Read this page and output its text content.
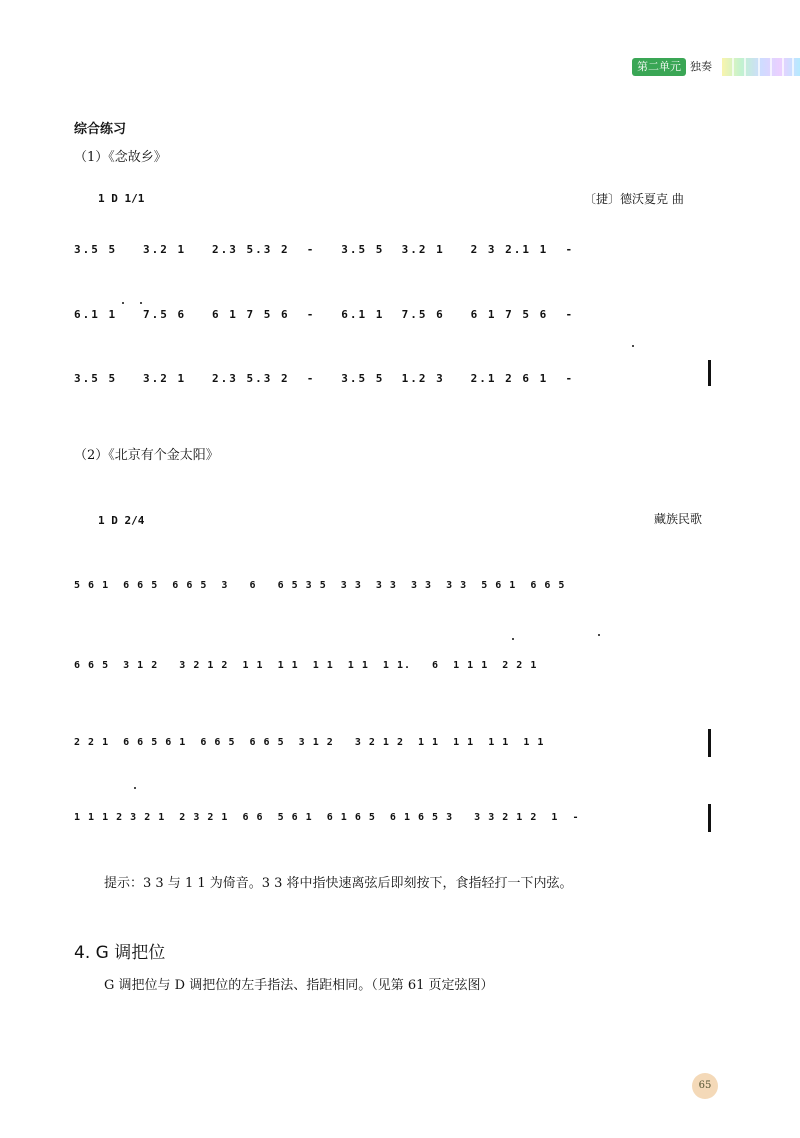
第二单元 独奏
综合练习
（1）《念故乡》
1 D 1/1	〔捷〕德沃夏克 曲
3.5 5   3.2 1   2.3 5.3 2  -   3.5 5  3.2 1   2 3 2.1 1  -
6.1 1   7.5 6   6 1 7 5 6  -   6.1 1  7.5 6   6 1 7 5 6  -
3.5 5   3.2 1   2.3 5.3 2  -   3.5 5  1.2 3   2.1 2 6 1  -
（2）《北京有个金太阳》
1 D 2/4	藏族民歌
5 6 1  6 6 5  6 6 5  3   6   6 5 3 5  3 3  3 3  3 3  3 3  5 6 1  6 6 5
6 6 5  3 1 2   3 2 1 2  1 1  1 1  1 1  1 1  1 1.   6  1 1 1  2 2 1
2 2 1  6 6 5 6 1  6 6 5  6 6 5  3 1 2   3 2 1 2  1 1  1 1  1 1  1 1
1 1 1 2 3 2 1  2 3 2 1  6 6  5 6 1  6 1 6 5  6 1 6 5 3   3 3 2 1 2  1  -
提示：3 3 与 1 1 为倚音。3 3 将中指快速离弦后即刻按下，食指轻打一下内弦。
4. G 调把位
G 调把位与 D 调把位的左手指法、指距相同。（见第 61 页定弦图）
65
